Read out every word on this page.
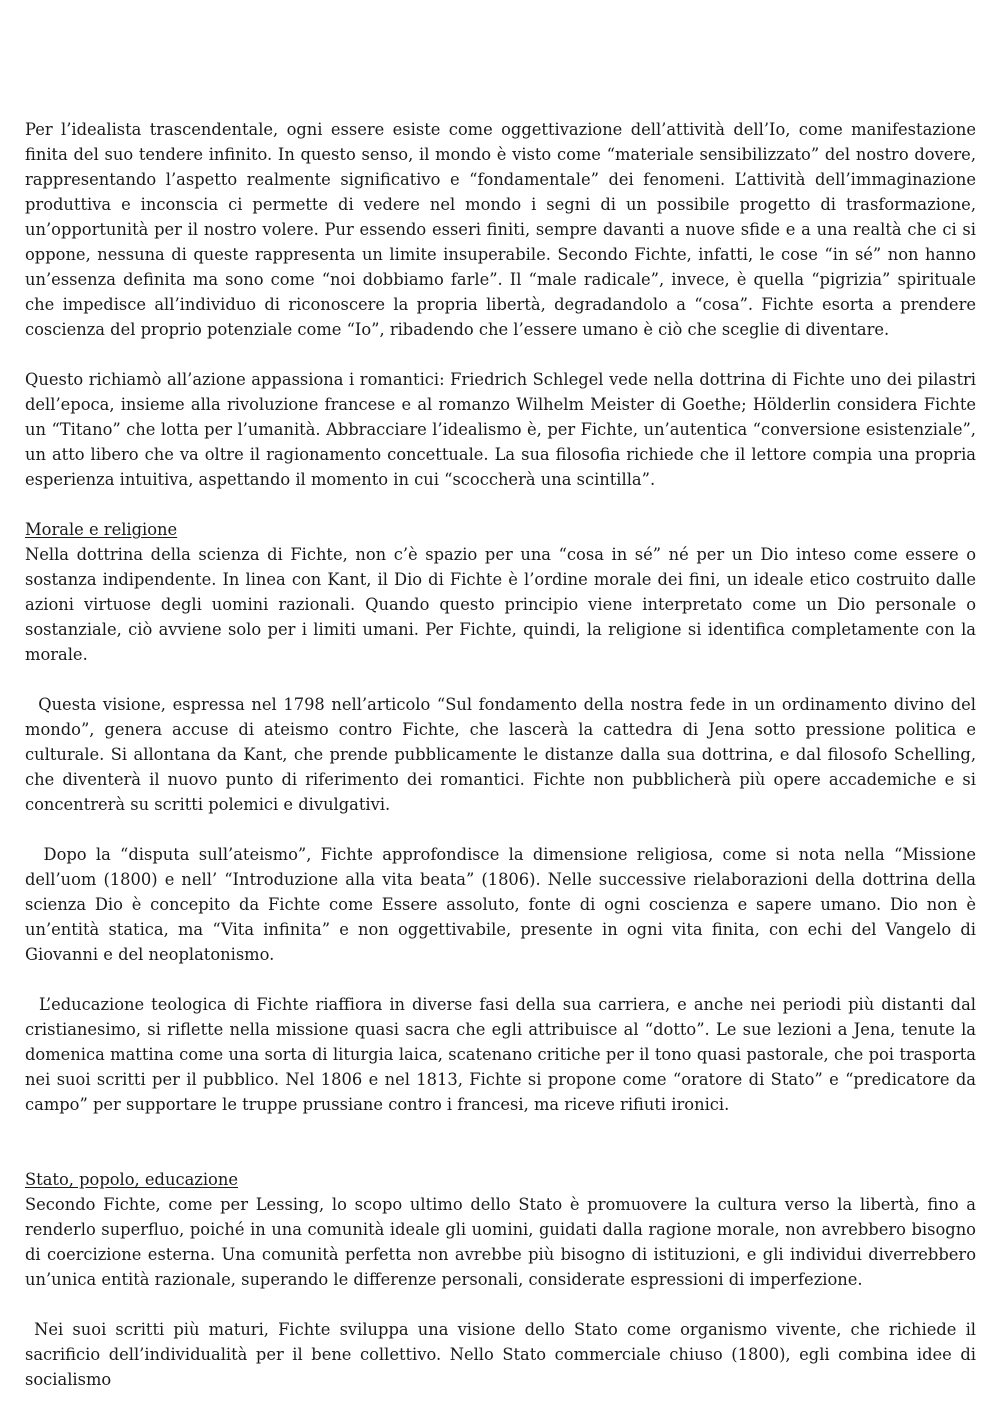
Per l’idealista trascendentale, ogni essere esiste come oggettivazione dell’attività dell’Io, come manifestazione finita del suo tendere infinito. In questo senso, il mondo è visto come “materiale sensibilizzato” del nostro dovere, rappresentando l’aspetto realmente significativo e “fondamentale” dei fenomeni. L’attività dell’immaginazione produttiva e inconscia ci permette di vedere nel mondo i segni di un possibile progetto di trasformazione, un’opportunità per il nostro volere. Pur essendo esseri finiti, sempre davanti a nuove sfide e a una realtà che ci si oppone, nessuna di queste rappresenta un limite insuperabile. Secondo Fichte, infatti, le cose “in sé” non hanno un’essenza definita ma sono come “noi dobbiamo farle”. Il “male radicale”, invece, è quella “pigrizia” spirituale che impedisce all’individuo di riconoscere la propria libertà, degradandolo a “cosa”. Fichte esorta a prendere coscienza del proprio potenziale come “Io”, ribadendo che l’essere umano è ciò che sceglie di diventare.

Questo richiamò all’azione appassiona i romantici: Friedrich Schlegel vede nella dottrina di Fichte uno dei pilastri dell’epoca, insieme alla rivoluzione francese e al romanzo Wilhelm Meister di Goethe; Hölderlin considera Fichte un “Titano” che lotta per l’umanità. Abbracciare l’idealismo è, per Fichte, un’autentica “conversione esistenziale”, un atto libero che va oltre il ragionamento concettuale. La sua filosofia richiede che il lettore compia una propria esperienza intuitiva, aspettando il momento in cui “scoccherà una scintilla”.

Morale e religione

Nella dottrina della scienza di Fichte, non c’è spazio per una “cosa in sé” né per un Dio inteso come essere o sostanza indipendente. In linea con Kant, il Dio di Fichte è l’ordine morale dei fini, un ideale etico costruito dalle azioni virtuose degli uomini razionali. Quando questo principio viene interpretato come un Dio personale o sostanziale, ciò avviene solo per i limiti umani. Per Fichte, quindi, la religione si identifica completamente con la morale.

Questa visione, espressa nel 1798 nell’articolo “Sul fondamento della nostra fede in un ordinamento divino del mondo”, genera accuse di ateismo contro Fichte, che lascerà la cattedra di Jena sotto pressione politica e culturale. Si allontana da Kant, che prende pubblicamente le distanze dalla sua dottrina, e dal filosofo Schelling, che diventerà il nuovo punto di riferimento dei romantici. Fichte non pubblicherà più opere accademiche e si concentrerà su scritti polemici e divulgativi.

Dopo la “disputa sull’ateismo”, Fichte approfondisce la dimensione religiosa, come si nota nella “Missione dell’uom (1800) e nell’ “Introduzione alla vita beata” (1806). Nelle successive rielaborazioni della dottrina della scienza Dio è concepito da Fichte come Essere assoluto, fonte di ogni coscienza e sapere umano. Dio non è un’entità statica, ma “Vita infinita” e non oggettivabile, presente in ogni vita finita, con echi del Vangelo di Giovanni e del neoplatonismo.

L’educazione teologica di Fichte riaffiora in diverse fasi della sua carriera, e anche nei periodi più distanti dal cristianesimo, si riflette nella missione quasi sacra che egli attribuisce al “dotto”. Le sue lezioni a Jena, tenute la domenica mattina come una sorta di liturgia laica, scatenano critiche per il tono quasi pastorale, che poi trasporta nei suoi scritti per il pubblico. Nel 1806 e nel 1813, Fichte si propone come “oratore di Stato” e “predicatore da campo” per supportare le truppe prussiane contro i francesi, ma riceve rifiuti ironici.

Stato, popolo, educazione

Secondo Fichte, come per Lessing, lo scopo ultimo dello Stato è promuovere la cultura verso la libertà, fino a renderlo superfluo, poiché in una comunità ideale gli uomini, guidati dalla ragione morale, non avrebbero bisogno di coercizione esterna. Una comunità perfetta non avrebbe più bisogno di istituzioni, e gli individui diverrebbero un’unica entità razionale, superando le differenze personali, considerate espressioni di imperfezione.

Nei suoi scritti più maturi, Fichte sviluppa una visione dello Stato come organismo vivente, che richiede il sacrificio dell’individualità per il bene collettivo. Nello Stato commerciale chiuso (1800), egli combina idee di socialismo
